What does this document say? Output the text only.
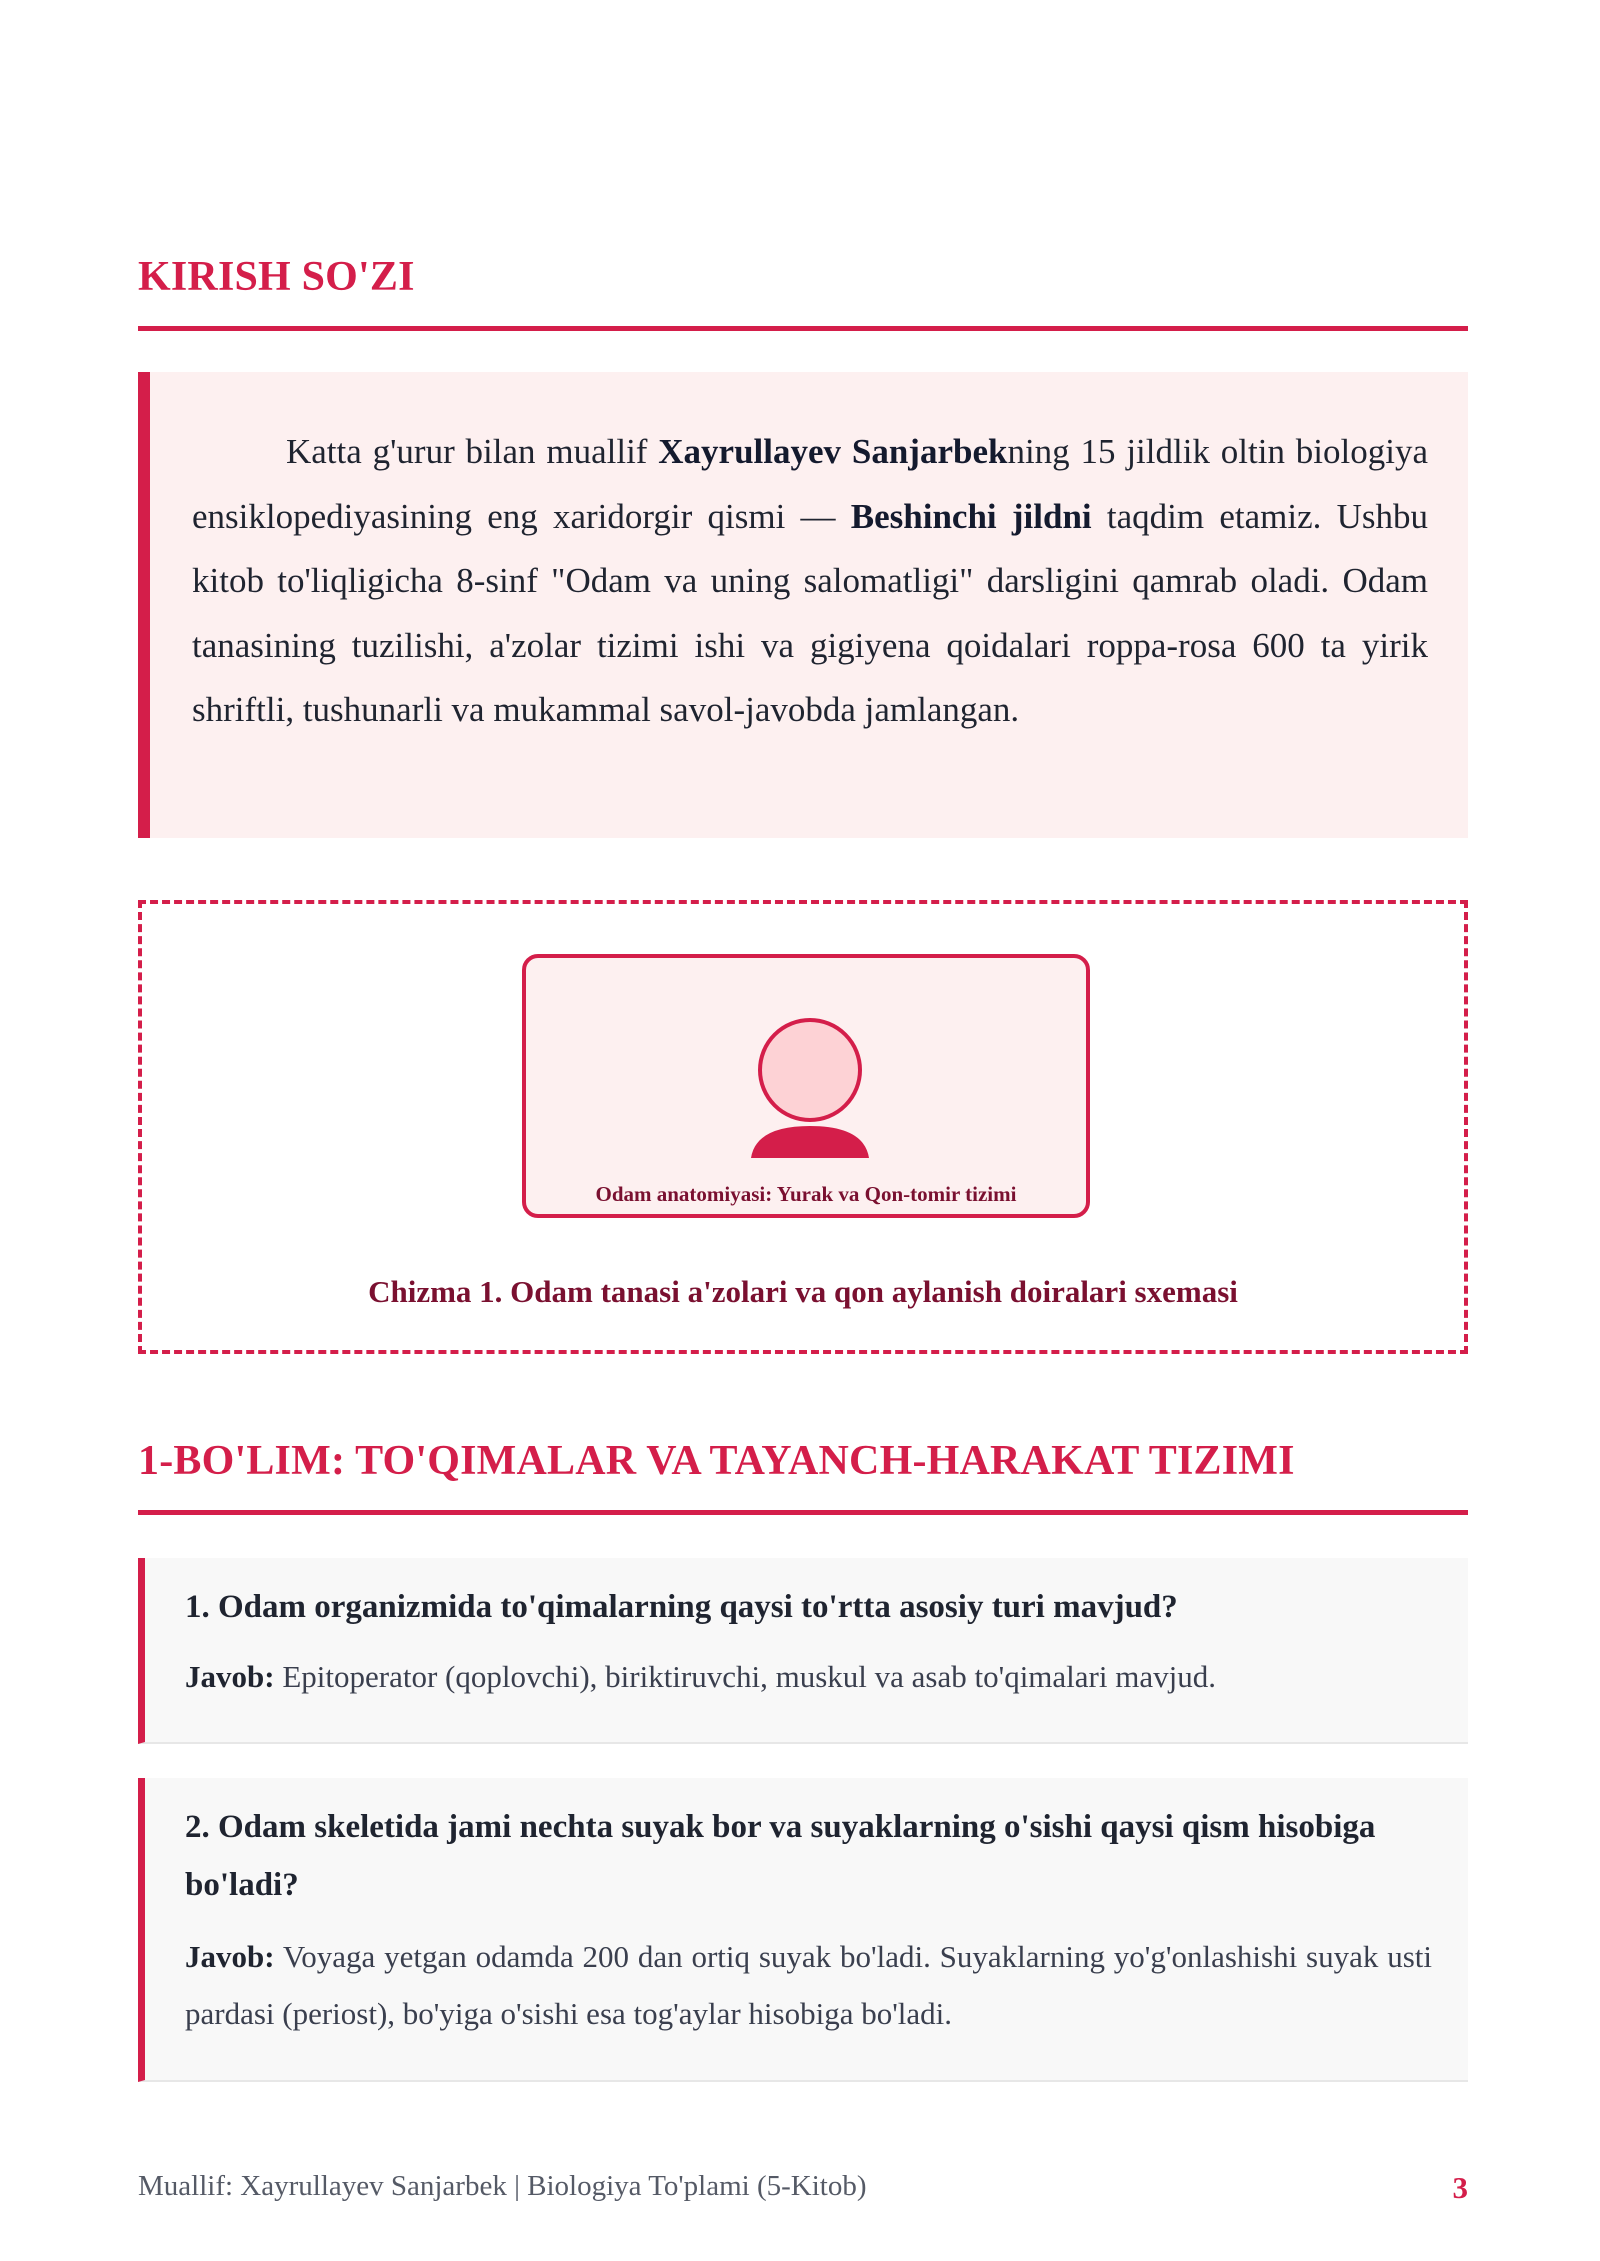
KIRISH SO'ZI

Katta g'urur bilan muallif Xayrullayev Sanjarbekning 15 jildlik oltin biologiya ensiklopediyasining eng xaridorgir qismi — Beshinchi jildni taqdim etamiz. Ushbu kitob to'liqligicha 8-sinf "Odam va uning salomatligi" darsligini qamrab oladi. Odam tanasining tuzilishi, a'zolar tizimi ishi va gigiyena qoidalari roppa-rosa 600 ta yirik shriftli, tushunarli va mukammal savol-javobda jamlangan.

Odam anatomiyasi: Yurak va Qon-tomir tizimi
Chizma 1. Odam tanasi a'zolari va qon aylanish doiralari sxemasi
1-BO'LIM: TO'QIMALAR VA TAYANCH-HARAKAT TIZIMI

1. Odam organizmida to'qimalarning qaysi to'rtta asosiy turi mavjud?

Javob: Epitoperator (qoplovchi), biriktiruvchi, muskul va asab to'qimalari mavjud.

2. Odam skeletida jami nechta suyak bor va suyaklarning o'sishi qaysi qism hisobiga bo'ladi?

Javob: Voyaga yetgan odamda 200 dan ortiq suyak bo'ladi. Suyaklarning yo'g'onlashishi suyak usti pardasi (periost), bo'yiga o'sishi esa tog'aylar hisobiga bo'ladi.

Muallif: Xayrullayev Sanjarbek | Biologiya To'plami (5-Kitob)	3
